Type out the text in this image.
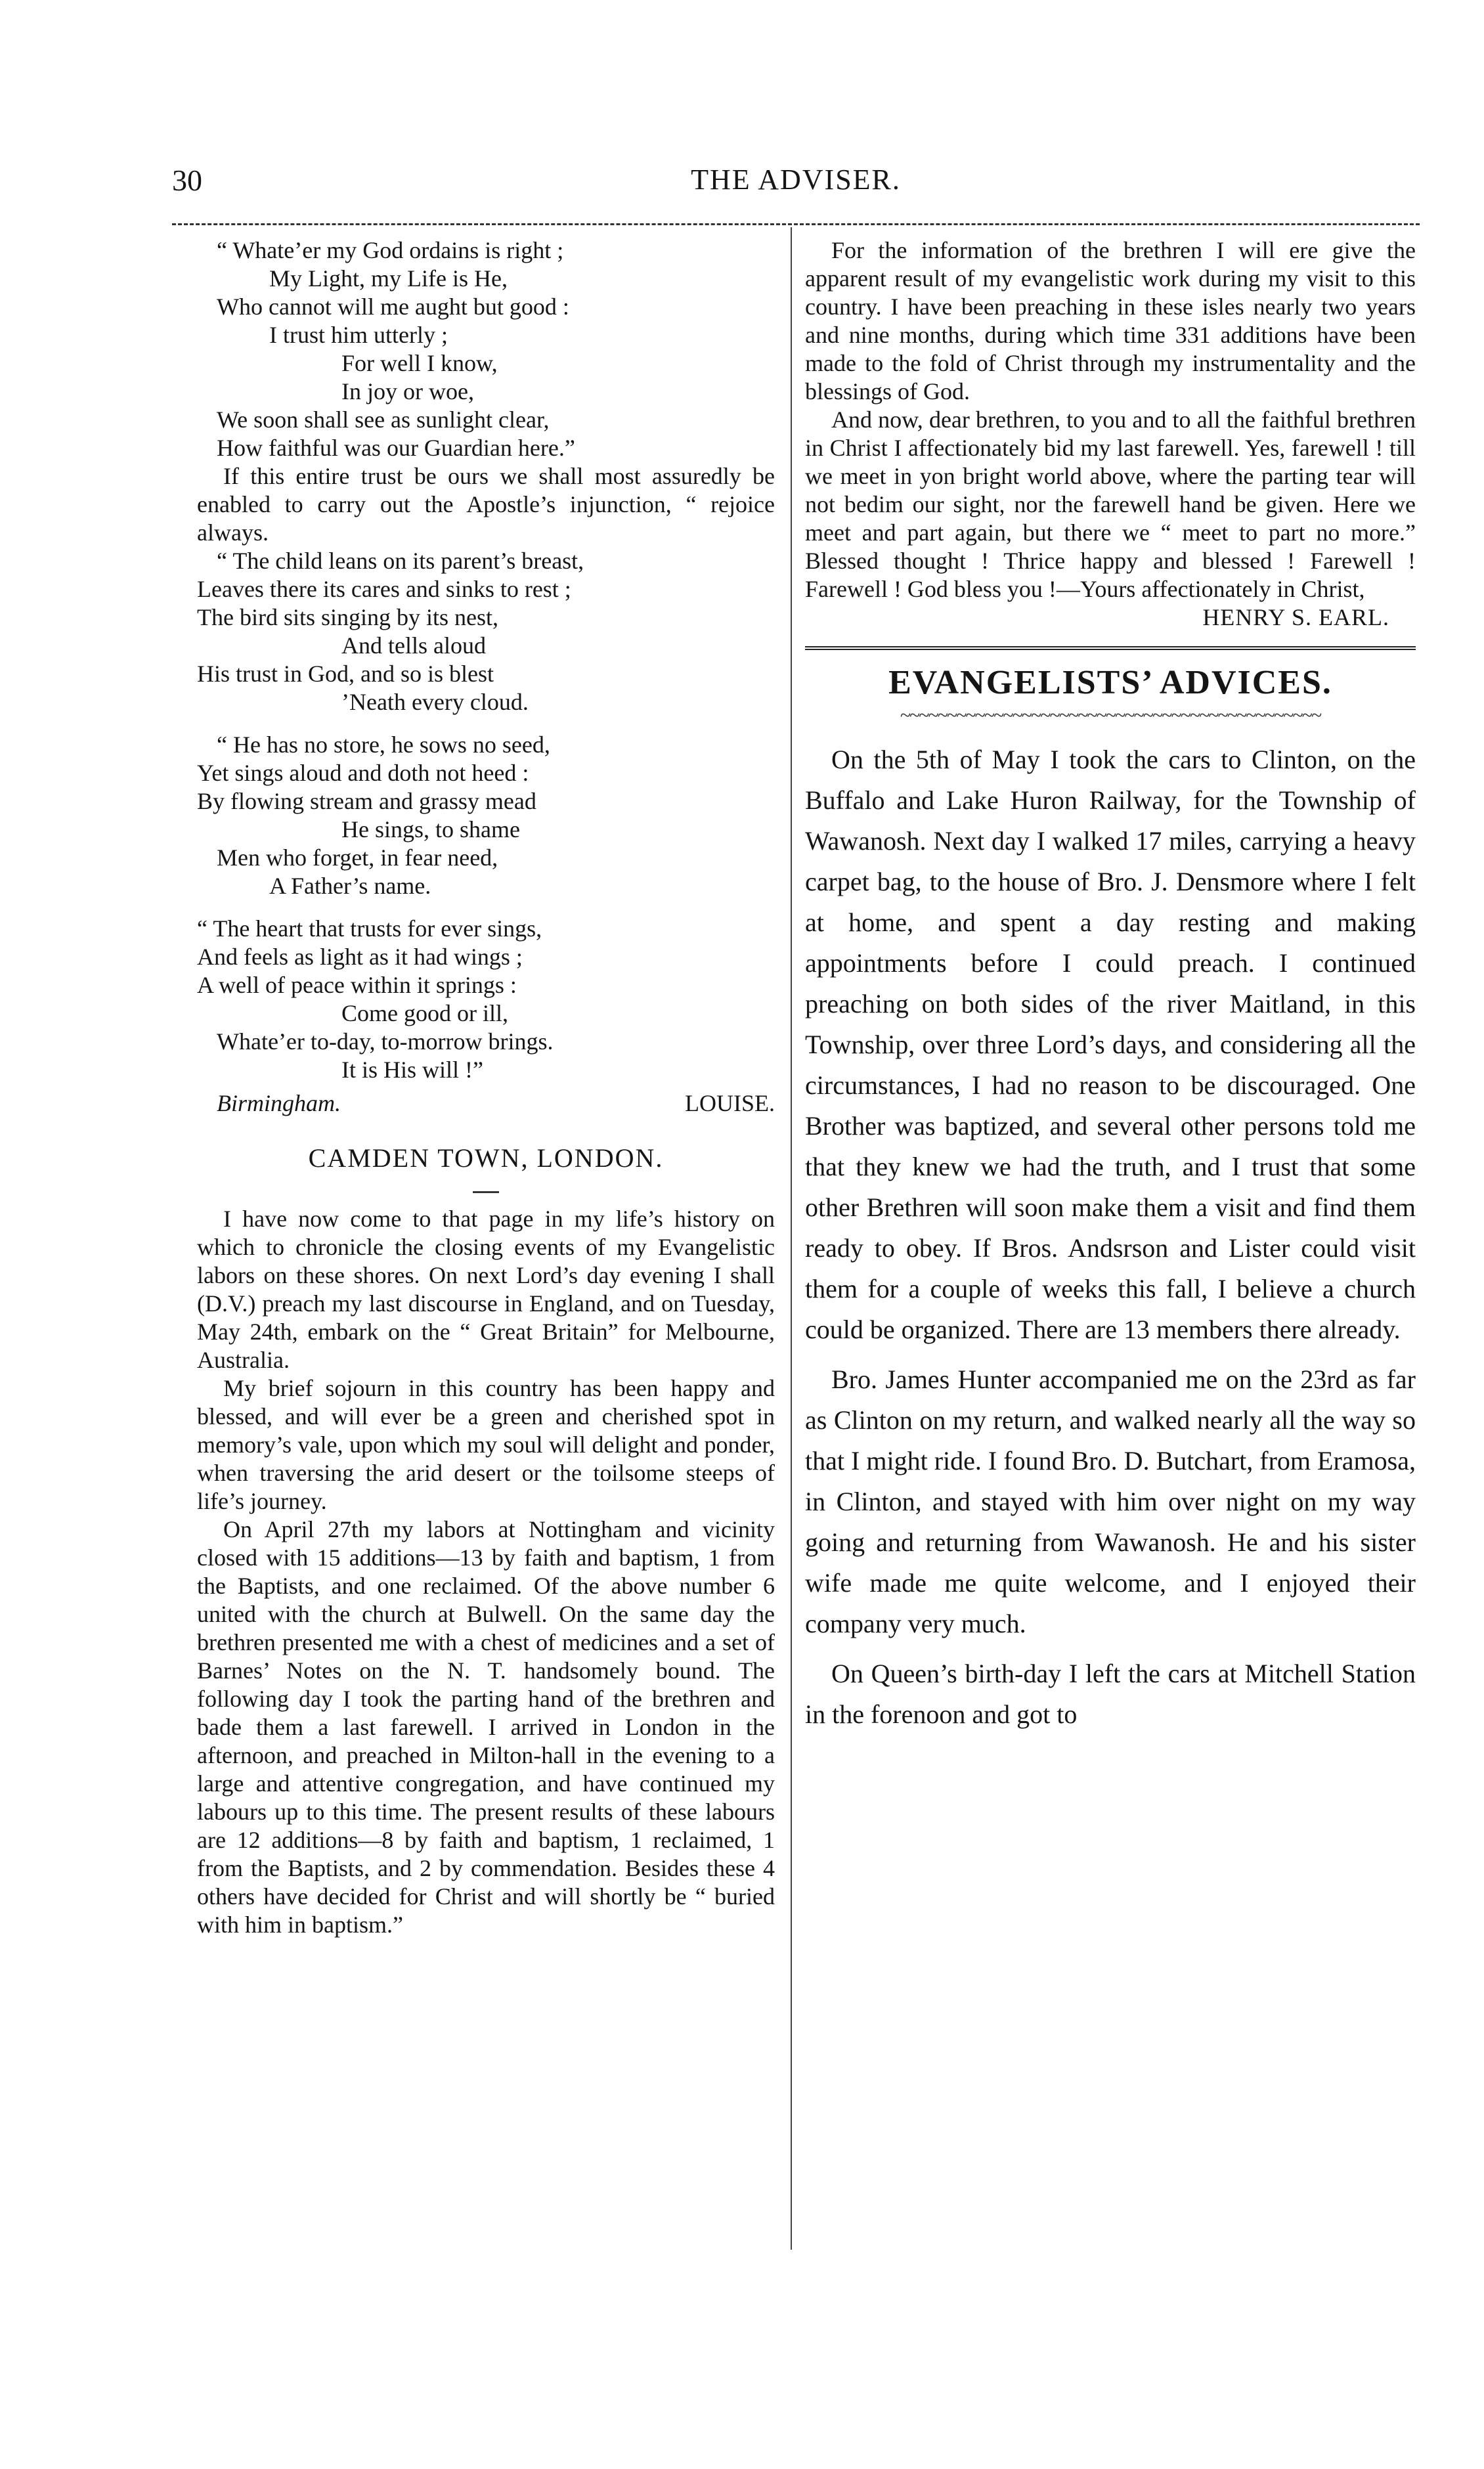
30	THE ADVISER.
“ Whate’er my God ordains is right ;
My Light, my Life is He,
Who cannot will me aught but good :
I trust him utterly ;
For well I know,
In joy or woe,
We soon shall see as sunlight clear,
How faithful was our Guardian here.”

If this entire trust be ours we shall most assuredly be enabled to carry out the Apostle’s injunction, “ rejoice always.

“ The child leans on its parent’s breast,
Leaves there its cares and sinks to rest ;
The bird sits singing by its nest,
And tells aloud
His trust in God, and so is blest
’Neath every cloud.
“ He has no store, he sows no seed,
Yet sings aloud and doth not heed :
By flowing stream and grassy mead
He sings, to shame
Men who forget, in fear need,
A Father’s name.
“ The heart that trusts for ever sings,
And feels as light as it had wings ;
A well of peace within it springs :
Come good or ill,
Whate’er to-day, to-morrow brings.
It is His will !”
Birmingham.	LOUISE.
CAMDEN TOWN, LONDON.

I have now come to that page in my life’s history on which to chronicle the closing events of my Evangelistic labors on these shores. On next Lord’s day evening I shall (D.V.) preach my last discourse in England, and on Tuesday, May 24th, embark on the “ Great Britain” for Melbourne, Australia.

My brief sojourn in this country has been happy and blessed, and will ever be a green and cherished spot in memory’s vale, upon which my soul will delight and ponder, when traversing the arid desert or the toilsome steeps of life’s journey.

On April 27th my labors at Nottingham and vicinity closed with 15 additions—13 by faith and baptism, 1 from the Baptists, and one reclaimed. Of the above number 6 united with the church at Bulwell. On the same day the brethren presented me with a chest of medicines and a set of Barnes’ Notes on the N. T. handsomely bound. The following day I took the parting hand of the brethren and bade them a last farewell. I arrived in London in the afternoon, and preached in Milton-hall in the evening to a large and attentive congregation, and have continued my labours up to this time. The present results of these labours are 12 additions—8 by faith and baptism, 1 reclaimed, 1 from the Baptists, and 2 by commendation. Besides these 4 others have decided for Christ and will shortly be “ buried with him in baptism.”

For the information of the brethren I will ere give the apparent result of my evangelistic work during my visit to this country. I have been preaching in these isles nearly two years and nine months, during which time 331 additions have been made to the fold of Christ through my instrumentality and the blessings of God.

And now, dear brethren, to you and to all the faithful brethren in Christ I affectionately bid my last farewell. Yes, farewell ! till we meet in yon bright world above, where the parting tear will not bedim our sight, nor the farewell hand be given. Here we meet and part again, but there we “ meet to part no more.” Blessed thought ! Thrice happy and blessed ! Farewell ! Farewell ! God bless you !—Yours affectionately in Christ,

HENRY S. EARL.
EVANGELISTS’ ADVICES.
~~~~~~~~~~~~~~~~~~~~~~~~~~~~~~~~~~~~~~~~~~~~~

On the 5th of May I took the cars to Clinton, on the Buffalo and Lake Huron Railway, for the Township of Wawanosh. Next day I walked 17 miles, carrying a heavy carpet bag, to the house of Bro. J. Densmore where I felt at home, and spent a day resting and making appointments before I could preach. I continued preaching on both sides of the river Maitland, in this Township, over three Lord’s days, and considering all the circumstances, I had no reason to be discouraged. One Brother was baptized, and several other persons told me that they knew we had the truth, and I trust that some other Brethren will soon make them a visit and find them ready to obey. If Bros. Andsrson and Lister could visit them for a couple of weeks this fall, I believe a church could be organized. There are 13 members there already.

Bro. James Hunter accompanied me on the 23rd as far as Clinton on my return, and walked nearly all the way so that I might ride. I found Bro. D. Butchart, from Eramosa, in Clinton, and stayed with him over night on my way going and returning from Wawanosh. He and his sister wife made me quite welcome, and I enjoyed their company very much.

On Queen’s birth-day I left the cars at Mitchell Station in the forenoon and got to
